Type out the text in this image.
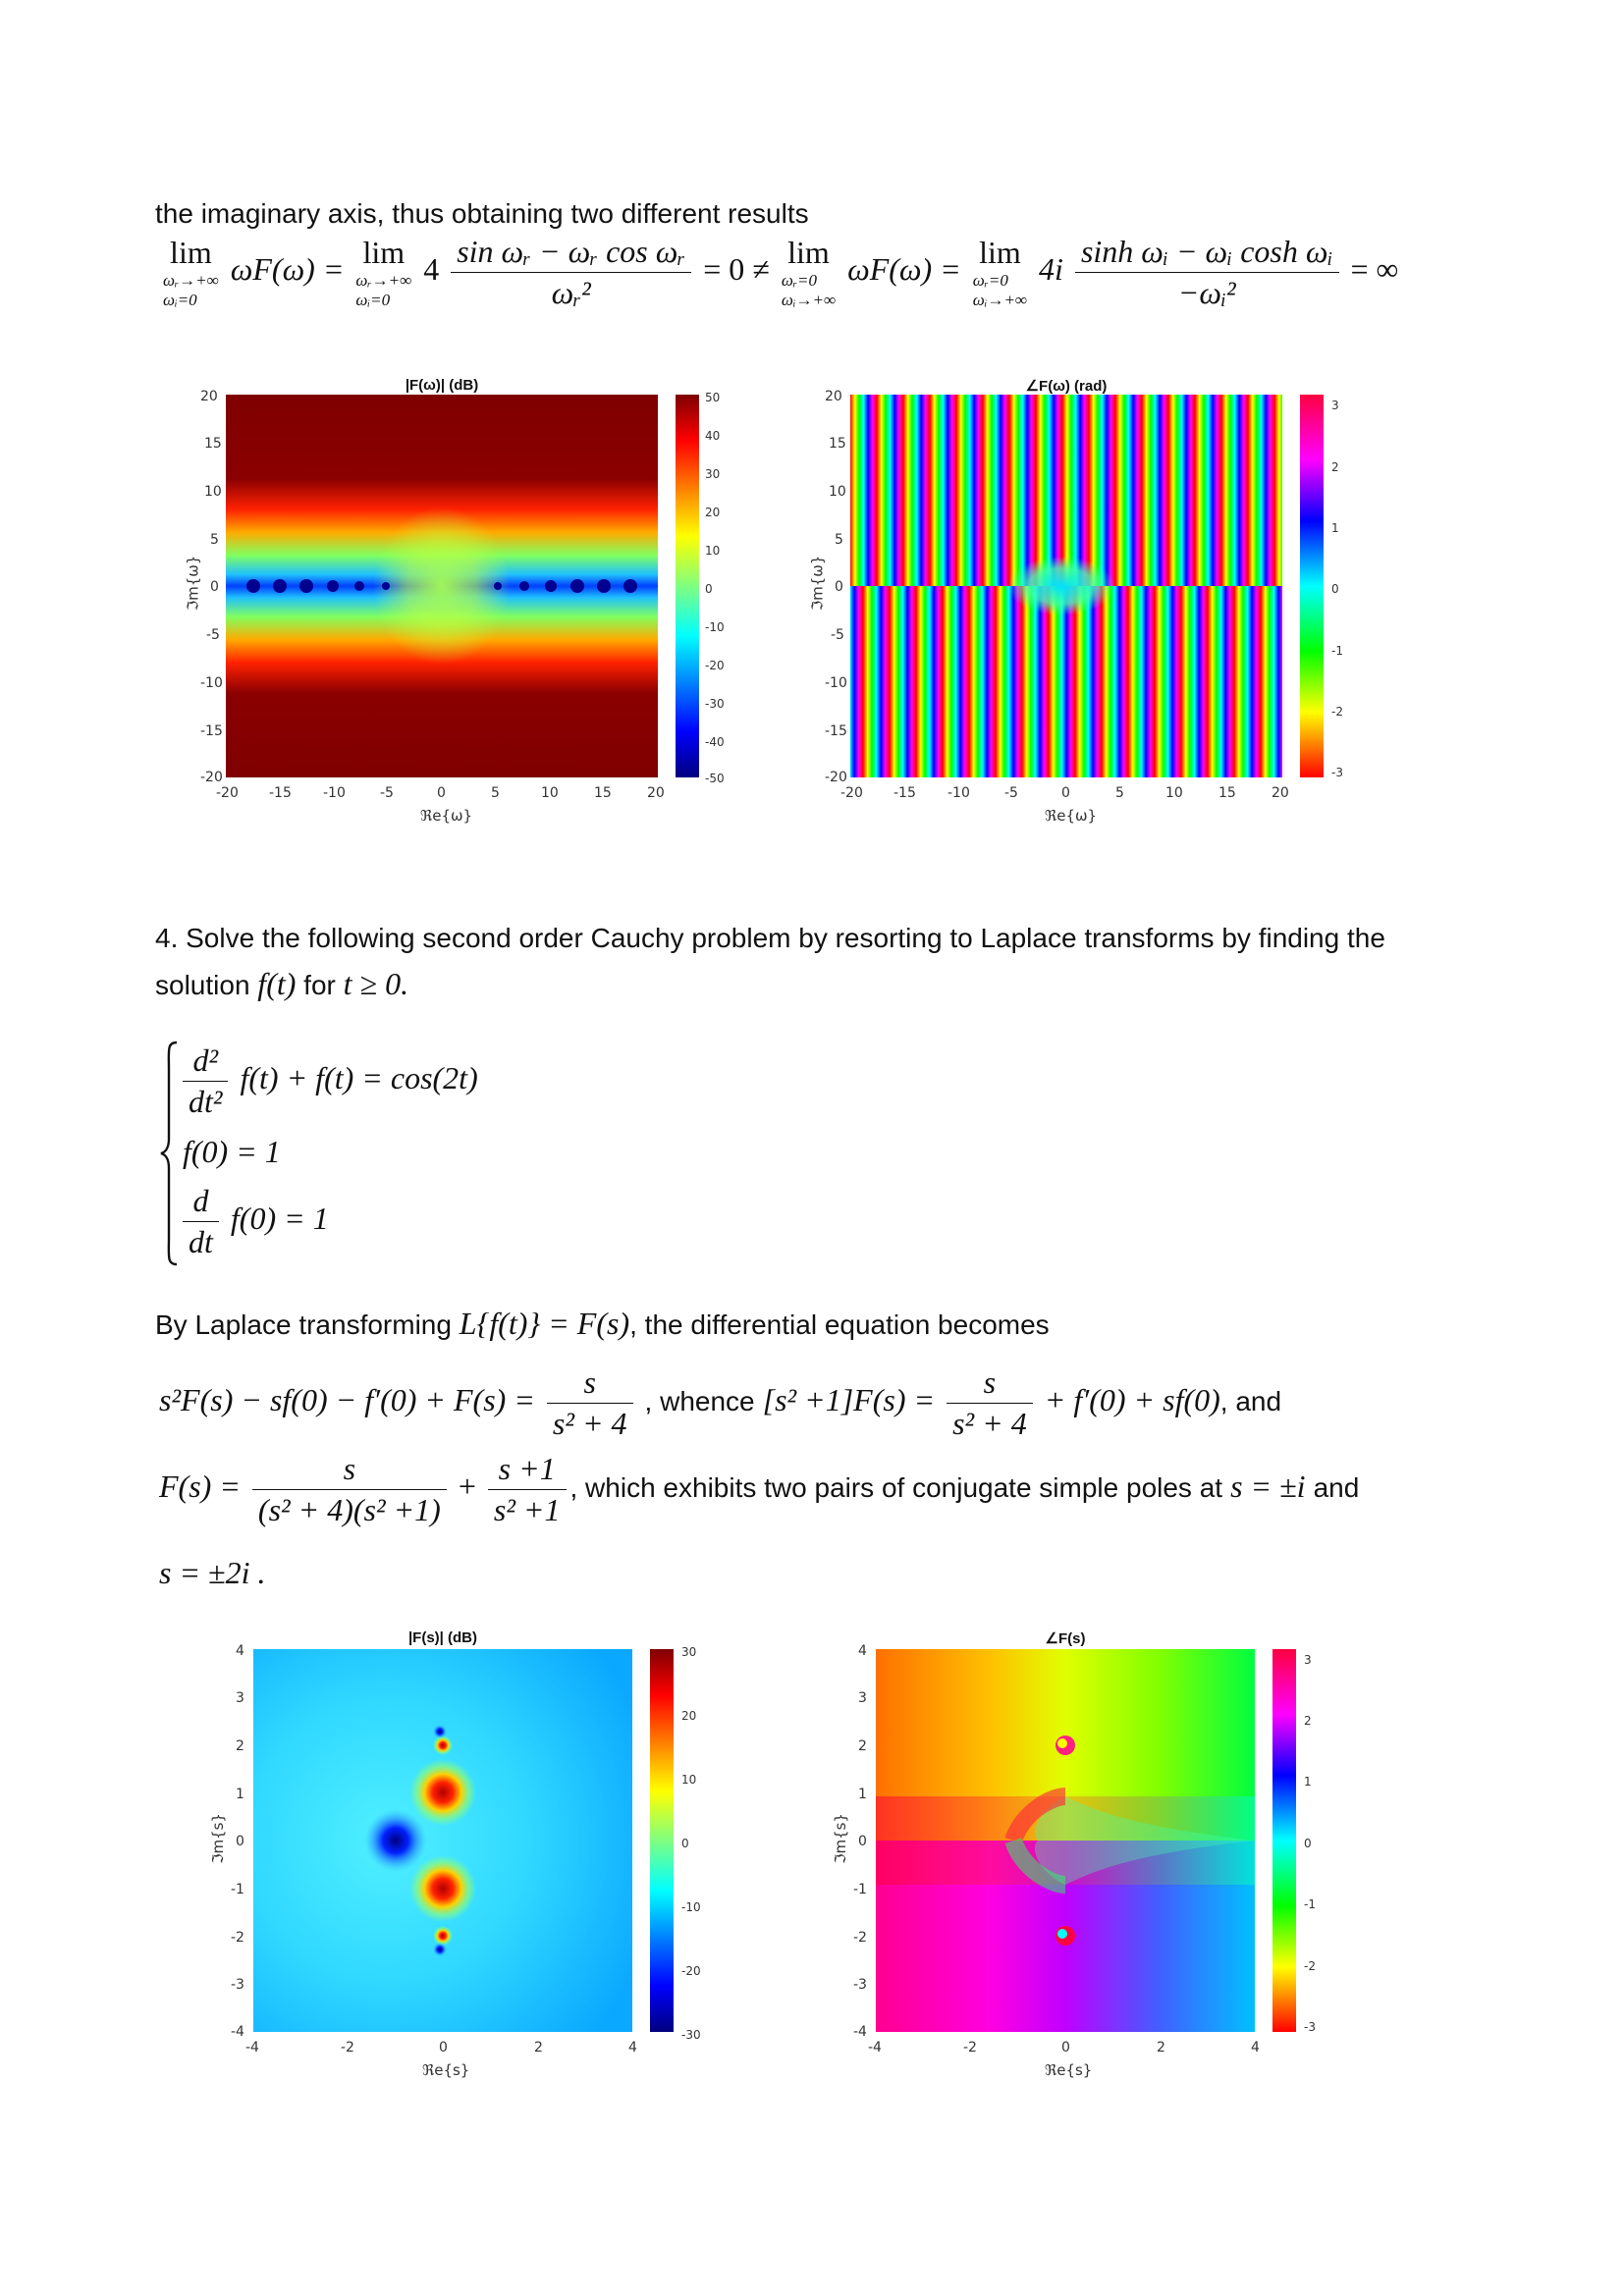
the imaginary axis, thus obtaining two different results
lim
ωᵣ→+∞
ωᵢ=0
ωF(ω) = lim
ωᵣ→+∞
ωᵢ=0
$4 \frac{\text{sin ωᵣ − ωᵣ cos ωᵣ}}{\text{ωᵣ²}} = 0 \ne \lim$
ωᵣ=0
ωᵢ→+∞
ωF(ω) = lim
ωᵣ=0
ωᵢ→+∞
$4i \frac{\text{sinh ωᵢ − ωᵢ cosh ωᵢ}}{\text{−ωᵢ²}}$ = ∞
|F(ω)| (dB)
50
40
30
20
10
0
-10
-20
-30
-40
-50
20
15
10
5
0
-5
-10
-15
-20
-20 -15 -10	-5	0	5	10	15	20
ℜe{ω}
ℑm{ω}
∠F(ω) (rad)
3
2
1
0
-1
-2
-3
20
15
10
5
0
-5
-10
-15
-20
-20 -15 -10	-5	0	5	10	15	20
ℜe{ω}
ℑm{ω}
4. Solve the following second order Cauchy problem by resorting to Laplace transforms by finding the
solution f(t) for t ≥ 0.
$\frac{\text{d²}}{\text{dt²}} f(t) + f(t) = \cos(2t)$
f(0) = 1
$\frac{d}{dt} f(0) = 1$
By Laplace transforming L{f(t)} = F(s), the differential equation becomes
$s^2F(s) - sf(0) - f'(0) + F(s) = \frac{s}{\text{s² + 4}}$ , whence $[s^2 +1]F(s) = \frac{s}{\text{s² + 4}} + f'(0) + sf(0)$, and
$F(s) = \frac{s}{\text{(s² + 4)(s² +1)}} + \frac{s +1}{\text{s² +1}}$ , which exhibits two pairs of conjugate simple poles at s = ±i and
s = ±2i .
|F(s)| (dB)
30
20
10
0
-10
-20
-30
4
3
2
1
0
-1
-2
-3
-4
-4	-2	0	2	4
ℜe{s}
ℑm{s}
∠F(s)
3
2
1
0
-1
-2
-3
4
3
2
1
0
-1
-2
-3
-4
-4	-2	0	2	4
ℜe{s}
ℑm{s}
